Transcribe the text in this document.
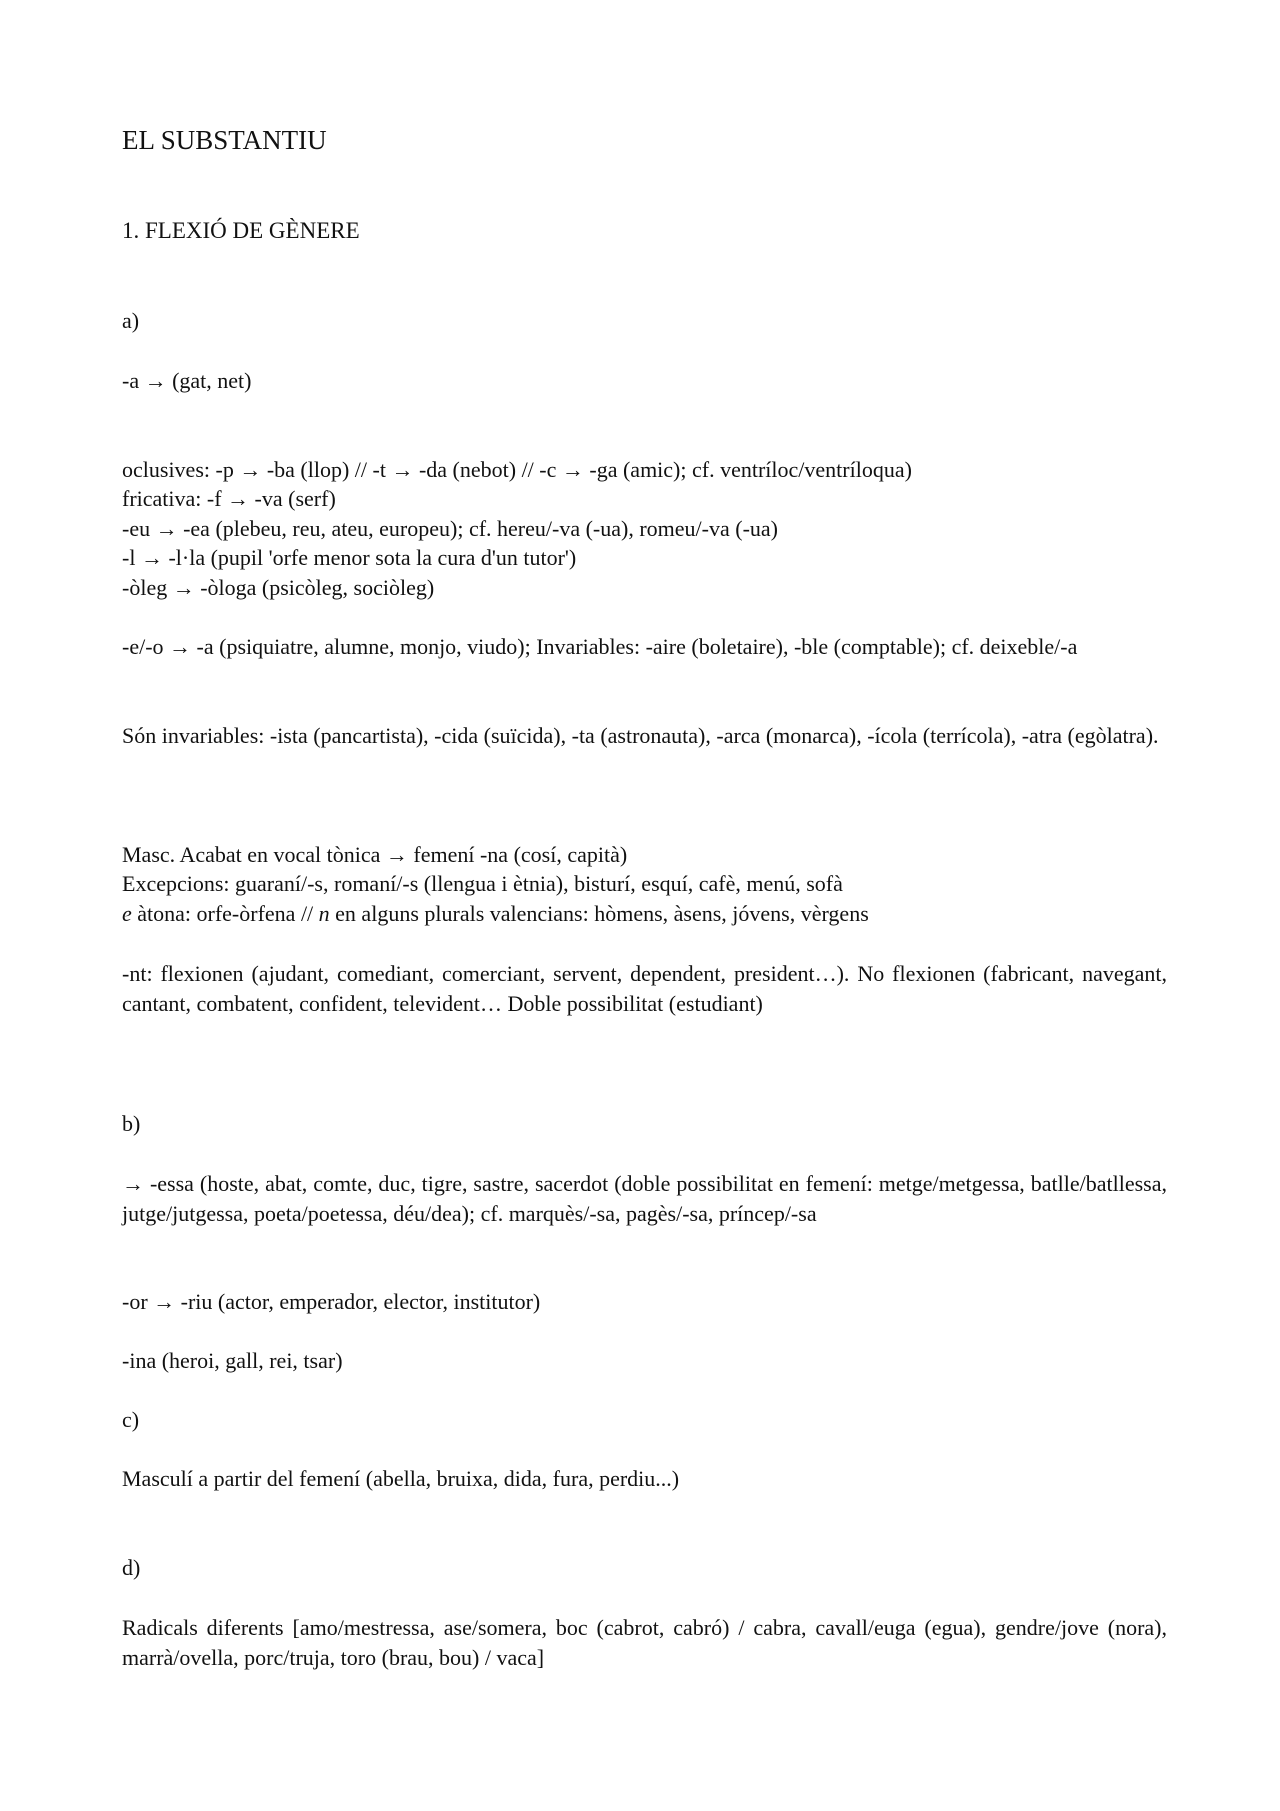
EL SUBSTANTIU

1. FLEXIÓ DE GÈNERE

a)

-a → (gat, net)

oclusives: -p → -ba (llop) // -t → -da (nebot) // -c → -ga (amic); cf. ventríloc/ventríloqua)

fricativa: -f → -va (serf)

-eu → -ea (plebeu, reu, ateu, europeu); cf. hereu/-va (-ua), romeu/-va (-ua)

-l → -l·la (pupil 'orfe menor sota la cura d'un tutor')

-òleg → -òloga (psicòleg, sociòleg)

-e/-o → -a (psiquiatre, alumne, monjo, viudo); Invariables: -aire (boletaire), -ble (comptable); cf. deixeble/-a

Són invariables: -ista (pancartista), -cida (suïcida), -ta (astronauta), -arca (monarca), -ícola (terrícola), -atra (egòlatra).

Masc. Acabat en vocal tònica → femení -na (cosí, capità)

Excepcions: guaraní/-s, romaní/-s (llengua i ètnia), bisturí, esquí, cafè, menú, sofà

e àtona: orfe-òrfena // n en alguns plurals valencians: hòmens, àsens, jóvens, vèrgens

-nt: flexionen (ajudant, comediant, comerciant, servent, dependent, president…). No flexionen (fabricant, navegant, cantant, combatent, confident, televident… Doble possibilitat (estudiant)

b)

→ -essa (hoste, abat, comte, duc, tigre, sastre, sacerdot (doble possibilitat en femení: metge/metgessa, batlle/batllessa, jutge/jutgessa, poeta/poetessa, déu/dea); cf. marquès/-sa, pagès/-sa, príncep/-sa

-or → -riu (actor, emperador, elector, institutor)

-ina (heroi, gall, rei, tsar)

c)

Masculí a partir del femení (abella, bruixa, dida, fura, perdiu...)

d)

Radicals diferents [amo/mestressa, ase/somera, boc (cabrot, cabró) / cabra, cavall/euga (egua), gendre/jove (nora), marrà/ovella, porc/truja, toro (brau, bou) / vaca]
